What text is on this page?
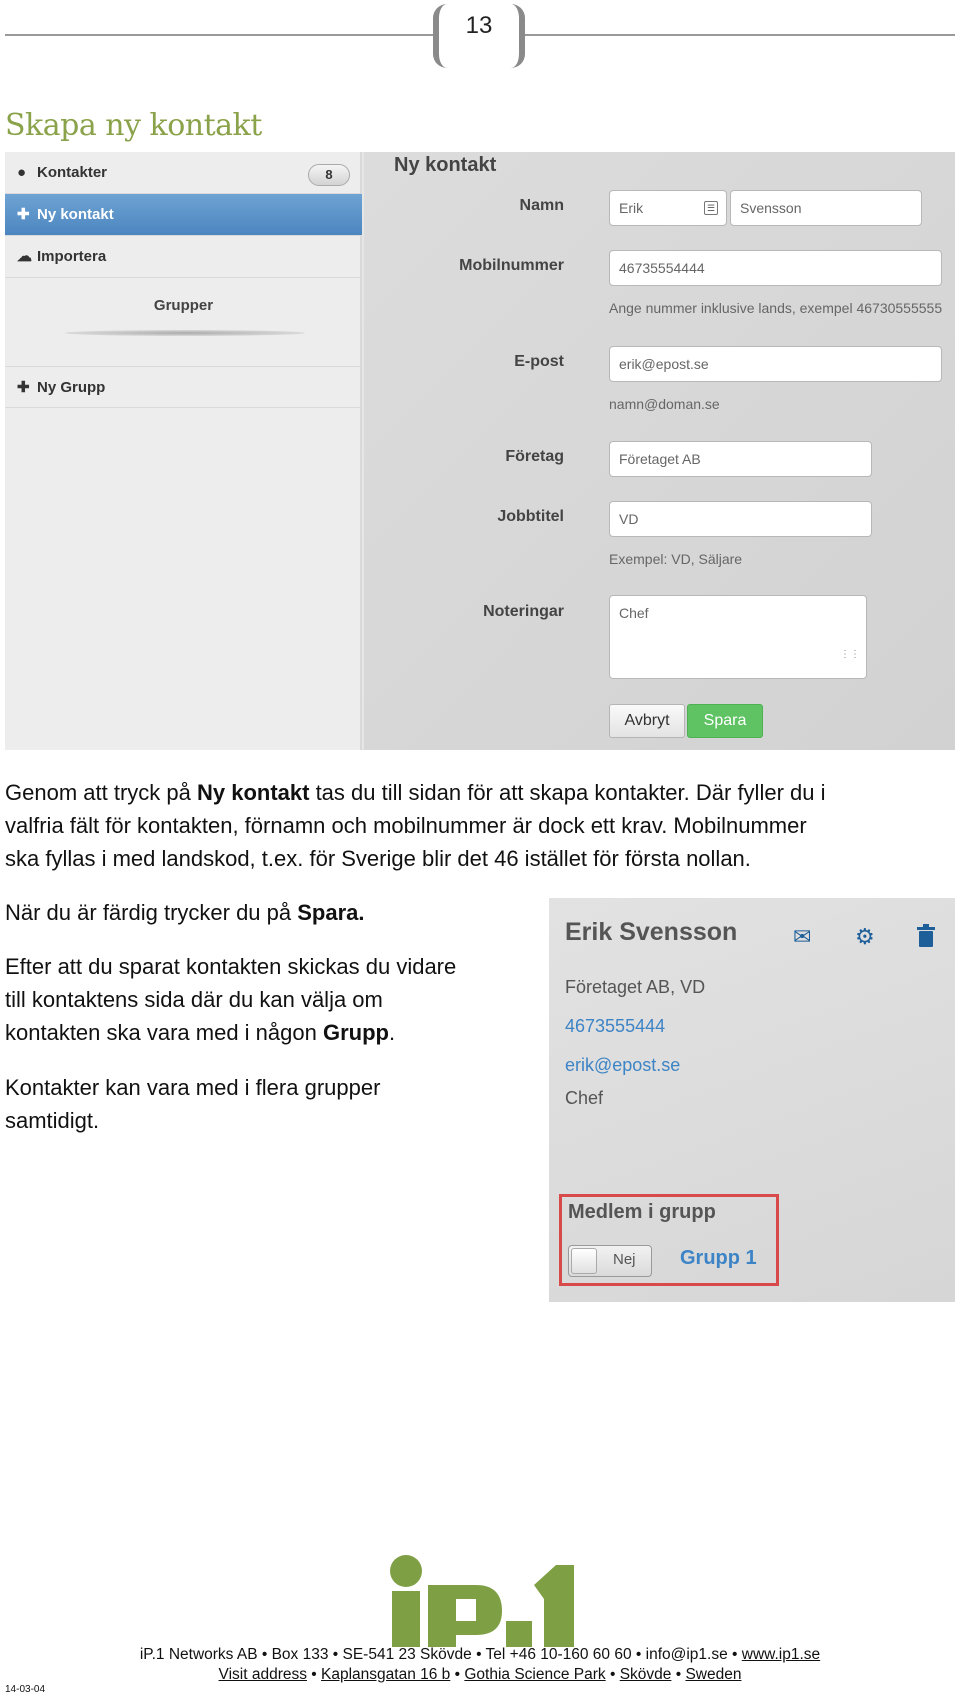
13
Skapa ny kontakt
● Kontakter	8
✚ Ny kontakt
☁ Importera
Grupper
✚ Ny Grupp
Ny kontakt
Namn	Erik	☰	Svensson
Mobilnummer	46735554444
Ange nummer inklusive lands, exempel 46730555555
E-post	erik@epost.se
namn@doman.se
Företag	Företaget AB
Jobbtitel	VD
Exempel: VD, Säljare
Noteringar	Chef
⋮⋮
Avbryt	Spara
Genom att tryck på Ny kontakt tas du till sidan för att skapa kontakter. Där fyller du i
valfria fält för kontakten, förnamn och mobilnummer är dock ett krav. Mobilnummer
ska fyllas i med landskod, t.ex. för Sverige blir det 46 istället för första nollan.
När du är färdig trycker du på Spara.
Efter att du sparat kontakten skickas du vidare
till kontaktens sida där du kan välja om
kontakten ska vara med i någon Grupp.
Kontakter kan vara med i flera grupper
samtidigt.
Erik Svensson	✉ ⚙
Företaget AB, VD
4673555444
erik@epost.se
Chef
Medlem i grupp
Nej Grupp 1
iP.1 Networks AB • Box 133 • SE-541 23 Skövde • Tel +46 10-160 60 60 • info@ip1.se • www.ip1.se
Visit address • Kaplansgatan 16 b • Gothia Science Park • Skövde • Sweden
14-03-04
